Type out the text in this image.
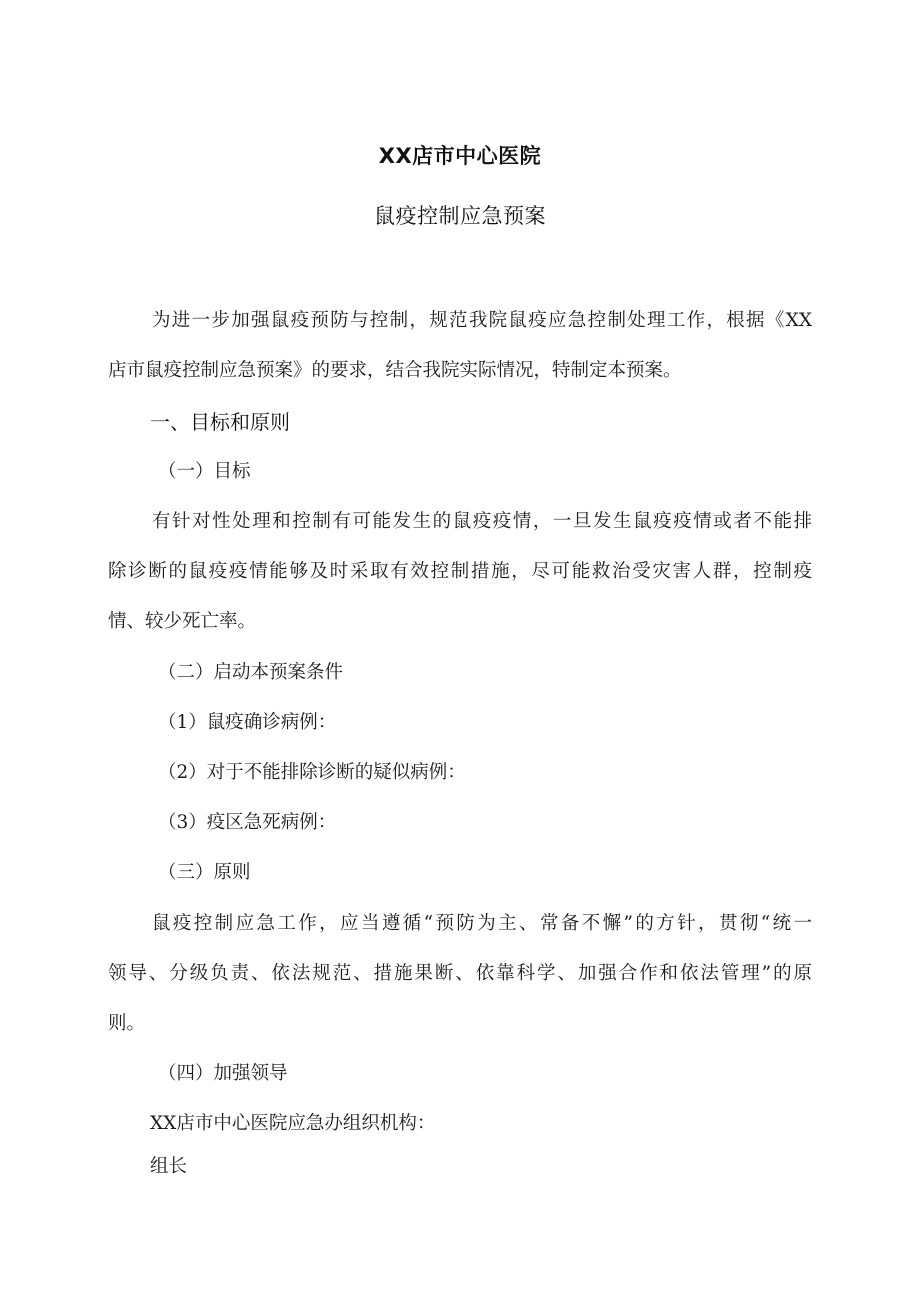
XX店市中心医院
鼠疫控制应急预案
为进一步加强鼠疫预防与控制，规范我院鼠疫应急控制处理工作，根据《XX
店市鼠疫控制应急预案》的要求，结合我院实际情况，特制定本预案。
一、目标和原则
（一）目标
有针对性处理和控制有可能发生的鼠疫疫情，一旦发生鼠疫疫情或者不能排
除诊断的鼠疫疫情能够及时采取有效控制措施，尽可能救治受灾害人群，控制疫
情、较少死亡率。
（二）启动本预案条件
（1）鼠疫确诊病例：
（2）对于不能排除诊断的疑似病例：
（3）疫区急死病例：
（三）原则
鼠疫控制应急工作，应当遵循“预防为主、常备不懈”的方针，贯彻“统一
领导、分级负责、依法规范、措施果断、依靠科学、加强合作和依法管理”的原
则。
（四）加强领导
XX店市中心医院应急办组织机构：
组长
